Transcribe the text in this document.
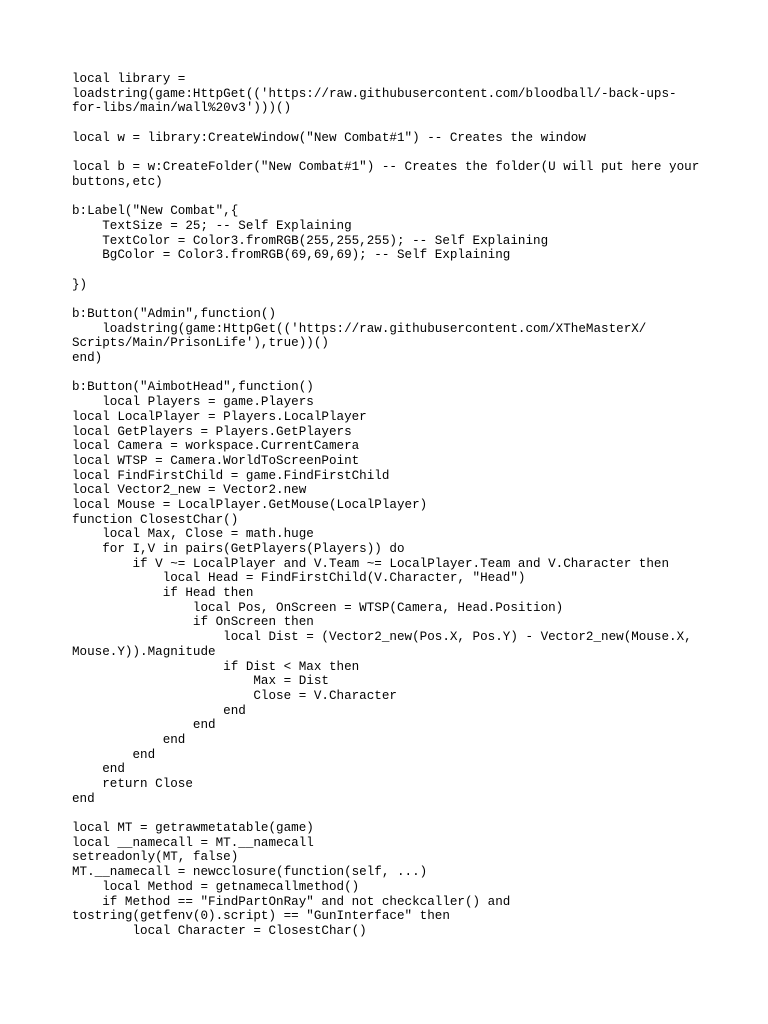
local library =
loadstring(game:HttpGet(('https://raw.githubusercontent.com/bloodball/-back-ups-
for-libs/main/wall%20v3')))()
local w = library:CreateWindow("New Combat#1") -- Creates the window
local b = w:CreateFolder("New Combat#1") -- Creates the folder(U will put here your
buttons,etc)
b:Label("New Combat",{
TextSize = 25; -- Self Explaining
TextColor = Color3.fromRGB(255,255,255); -- Self Explaining
BgColor = Color3.fromRGB(69,69,69); -- Self Explaining
})
b:Button("Admin",function()
loadstring(game:HttpGet(('https://raw.githubusercontent.com/XTheMasterX/
Scripts/Main/PrisonLife'),true))()
end)
b:Button("AimbotHead",function()
local Players = game.Players
local LocalPlayer = Players.LocalPlayer
local GetPlayers = Players.GetPlayers
local Camera = workspace.CurrentCamera
local WTSP = Camera.WorldToScreenPoint
local FindFirstChild = game.FindFirstChild
local Vector2_new = Vector2.new
local Mouse = LocalPlayer.GetMouse(LocalPlayer)
function ClosestChar()
local Max, Close = math.huge
for I,V in pairs(GetPlayers(Players)) do
if V ~= LocalPlayer and V.Team ~= LocalPlayer.Team and V.Character then
local Head = FindFirstChild(V.Character, "Head")
if Head then
local Pos, OnScreen = WTSP(Camera, Head.Position)
if OnScreen then
local Dist = (Vector2_new(Pos.X, Pos.Y) - Vector2_new(Mouse.X,
Mouse.Y)).Magnitude
if Dist < Max then
Max = Dist
Close = V.Character
end
end
end
end
end
return Close
end
local MT = getrawmetatable(game)
local __namecall = MT.__namecall
setreadonly(MT, false)
MT.__namecall = newcclosure(function(self, ...)
local Method = getnamecallmethod()
if Method == "FindPartOnRay" and not checkcaller() and
tostring(getfenv(0).script) == "GunInterface" then
local Character = ClosestChar()
